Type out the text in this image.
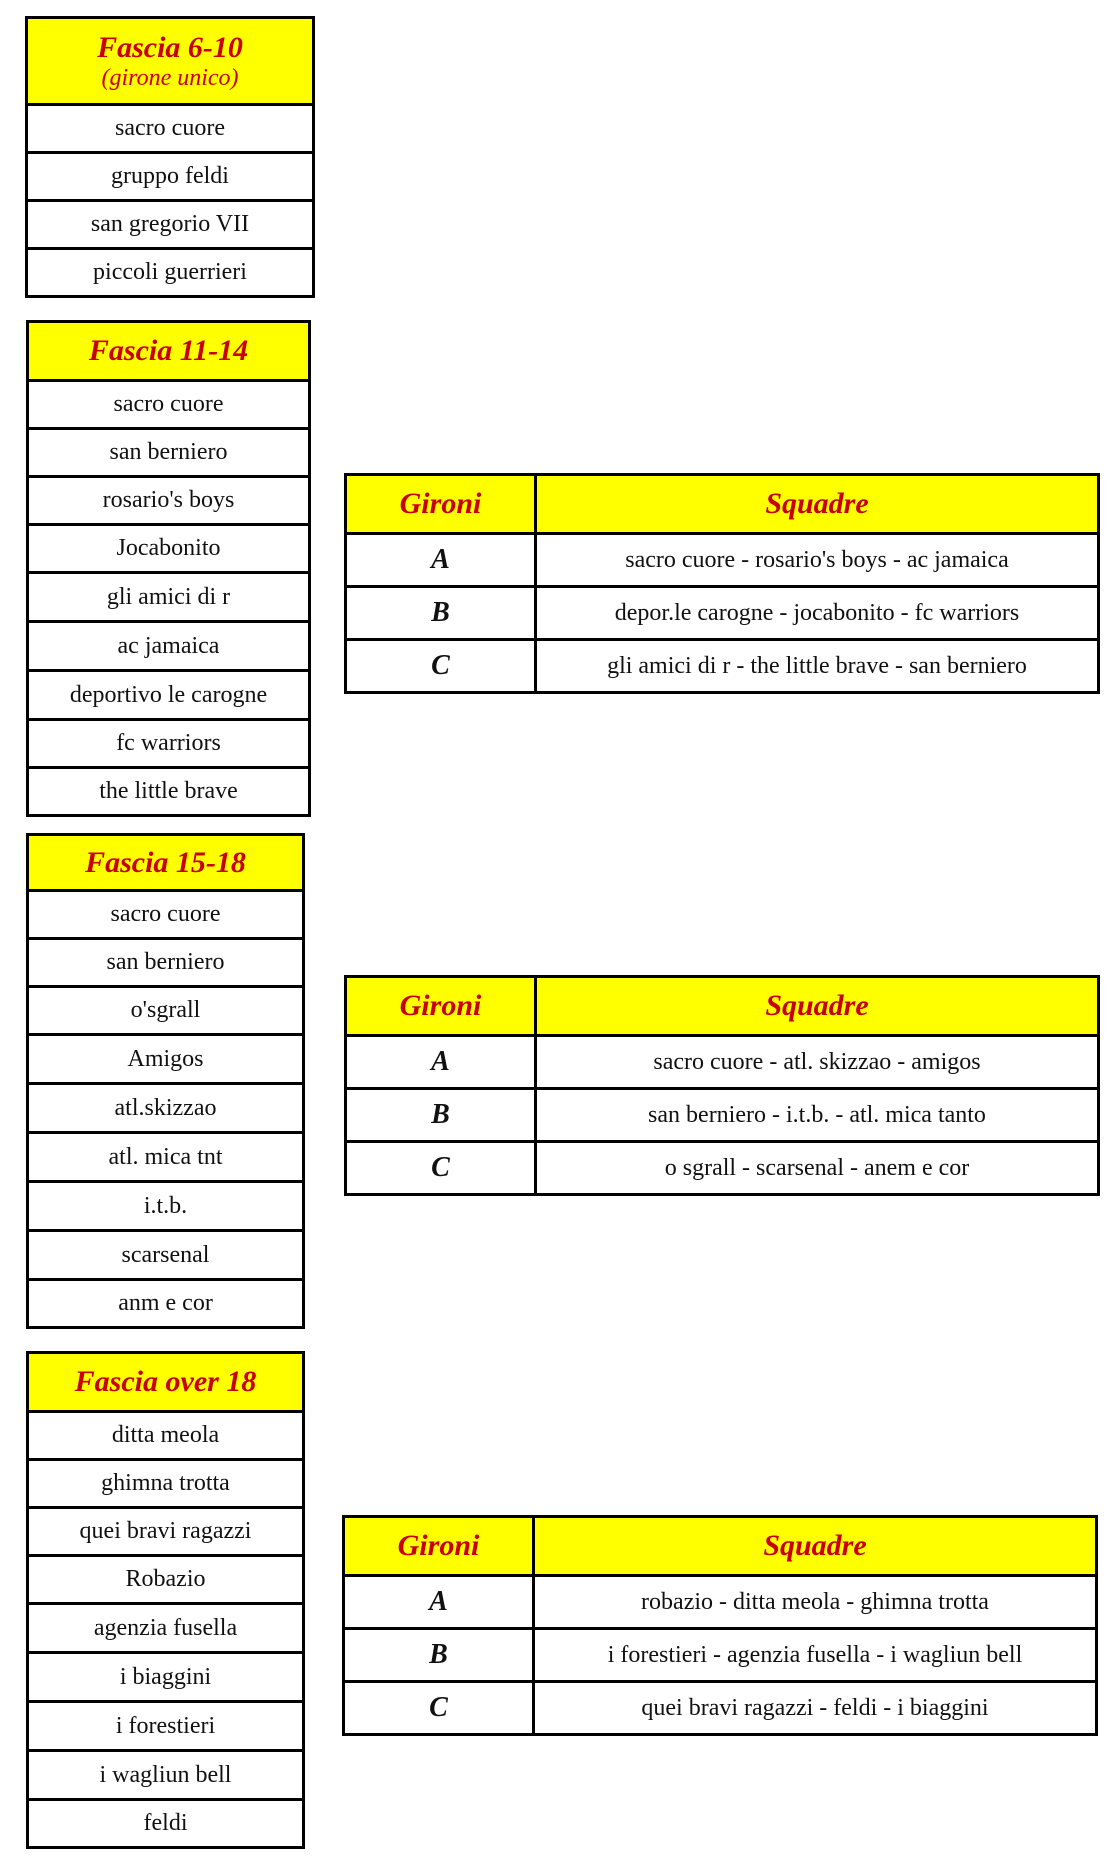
Fascia 6-10
(girone unico)
sacro cuore
gruppo feldi
san gregorio VII
piccoli guerrieri
Fascia 11-14
sacro cuore
san berniero
rosario's boys
Jocabonito
gli amici di r
ac jamaica
deportivo le carogne
fc warriors
the little brave
Gironi	Squadre
A	sacro cuore - rosario's boys - ac jamaica
B	depor.le carogne - jocabonito - fc warriors
C	gli amici di r - the little brave - san berniero
Fascia 15-18
sacro cuore
san berniero
o'sgrall
Amigos
atl.skizzao
atl. mica tnt
i.t.b.
scarsenal
anm e cor
Gironi	Squadre
A	sacro cuore - atl. skizzao - amigos
B	san berniero - i.t.b. - atl. mica tanto
C	o sgrall - scarsenal - anem e cor
Fascia over 18
ditta meola
ghimna trotta
quei bravi ragazzi
Robazio
agenzia fusella
i biaggini
i forestieri
i wagliun bell
feldi
Gironi	Squadre
A	robazio - ditta meola - ghimna trotta
B	i forestieri - agenzia fusella - i wagliun bell
C	quei bravi ragazzi - feldi - i biaggini
